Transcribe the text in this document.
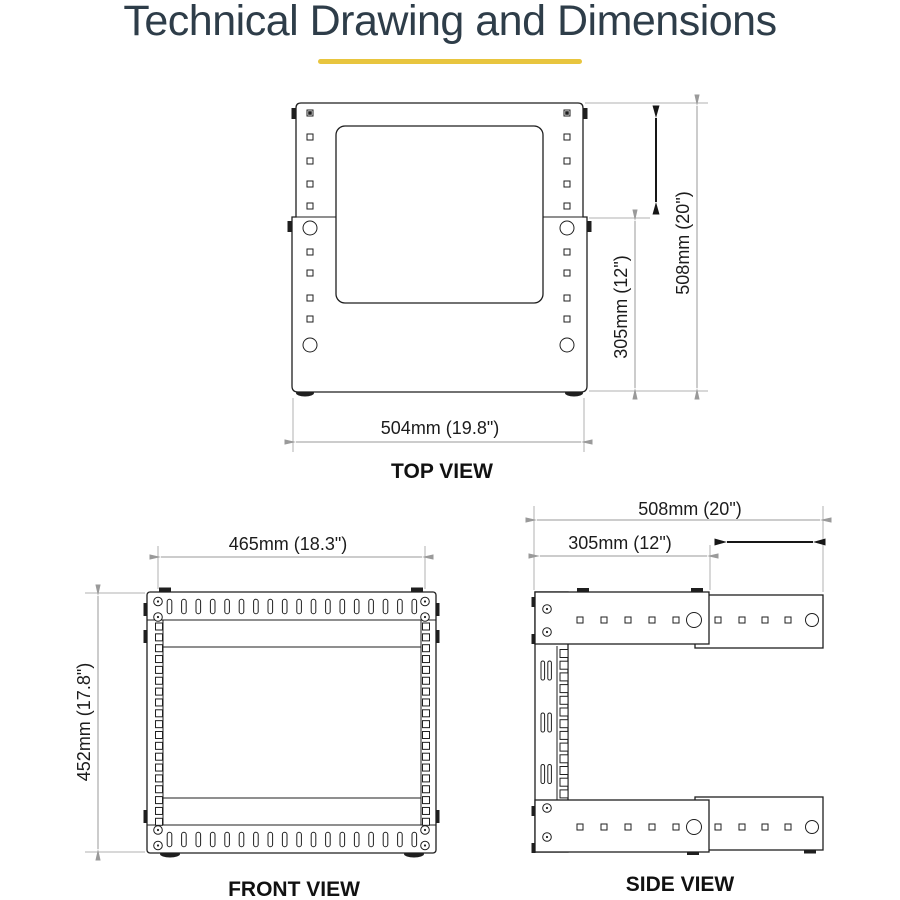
Technical Drawing and Dimensions
504mm (19.8")
305mm (12")
508mm (20")
TOP VIEW
465mm (18.3")
452mm (17.8")
FRONT VIEW
508mm (20")
305mm (12")
SIDE VIEW
